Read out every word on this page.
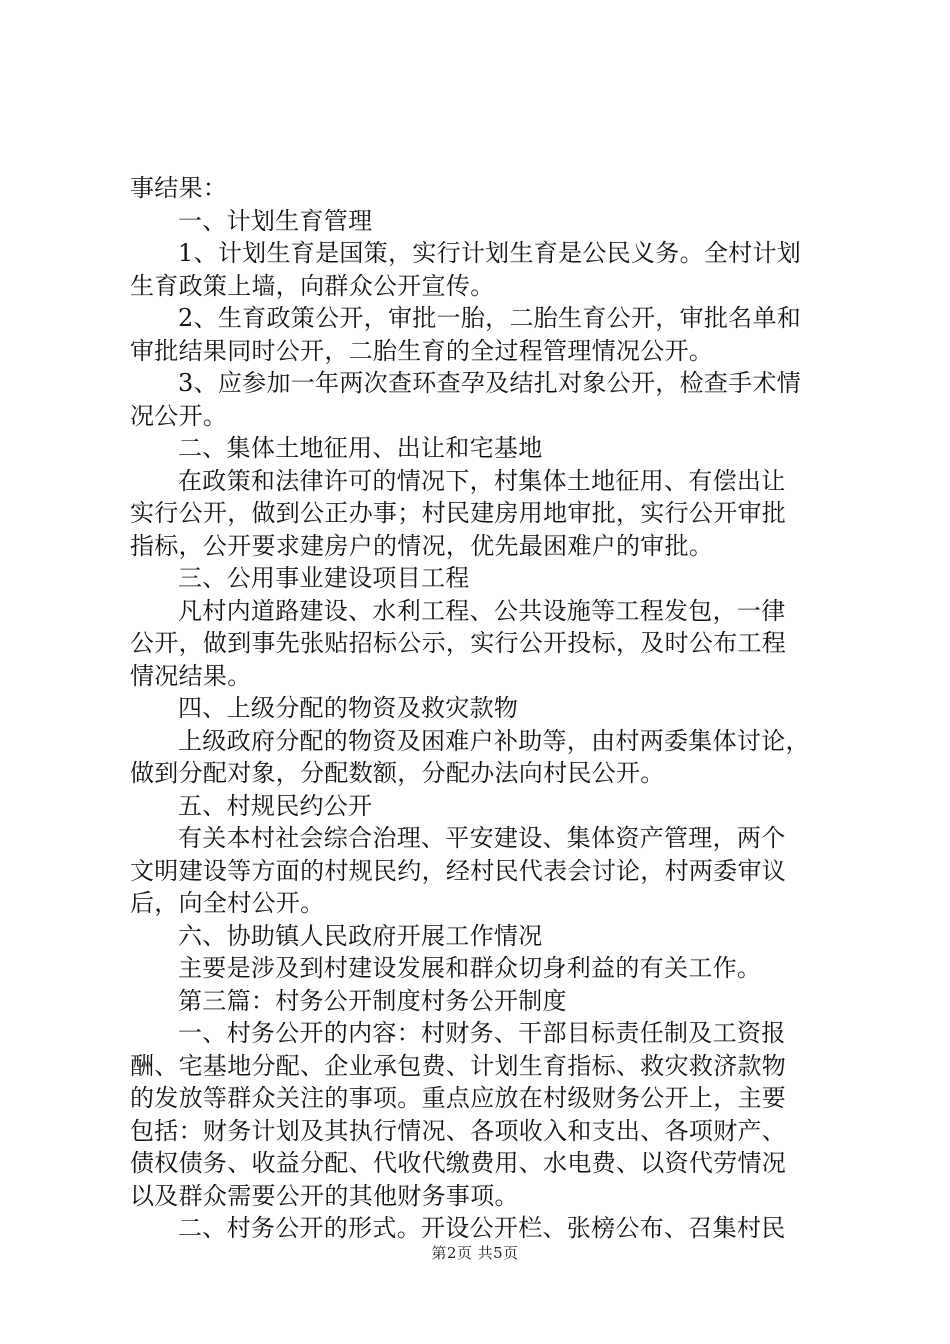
事结果：
一、计划生育管理
1、计划生育是国策，实行计划生育是公民义务。全村计划
生育政策上墙，向群众公开宣传。
2、生育政策公开，审批一胎，二胎生育公开，审批名单和
审批结果同时公开，二胎生育的全过程管理情况公开。
3、应参加一年两次查环查孕及结扎对象公开，检查手术情
况公开。
二、集体土地征用、出让和宅基地
在政策和法律许可的情况下，村集体土地征用、有偿出让
实行公开，做到公正办事；村民建房用地审批，实行公开审批
指标，公开要求建房户的情况，优先最困难户的审批。
三、公用事业建设项目工程
凡村内道路建设、水利工程、公共设施等工程发包，一律
公开，做到事先张贴招标公示，实行公开投标，及时公布工程
情况结果。
四、上级分配的物资及救灾款物
上级政府分配的物资及困难户补助等，由村两委集体讨论，
做到分配对象，分配数额，分配办法向村民公开。
五、村规民约公开
有关本村社会综合治理、平安建设、集体资产管理，两个
文明建设等方面的村规民约，经村民代表会讨论，村两委审议
后，向全村公开。
六、协助镇人民政府开展工作情况
主要是涉及到村建设发展和群众切身利益的有关工作。
第三篇：村务公开制度村务公开制度
一、村务公开的内容：村财务、干部目标责任制及工资报
酬、宅基地分配、企业承包费、计划生育指标、救灾救济款物
的发放等群众关注的事项。重点应放在村级财务公开上，主要
包括：财务计划及其执行情况、各项收入和支出、各项财产、
债权债务、收益分配、代收代缴费用、水电费、以资代劳情况
以及群众需要公开的其他财务事项。
二、村务公开的形式。开设公开栏、张榜公布、召集村民
第2页 共5页
